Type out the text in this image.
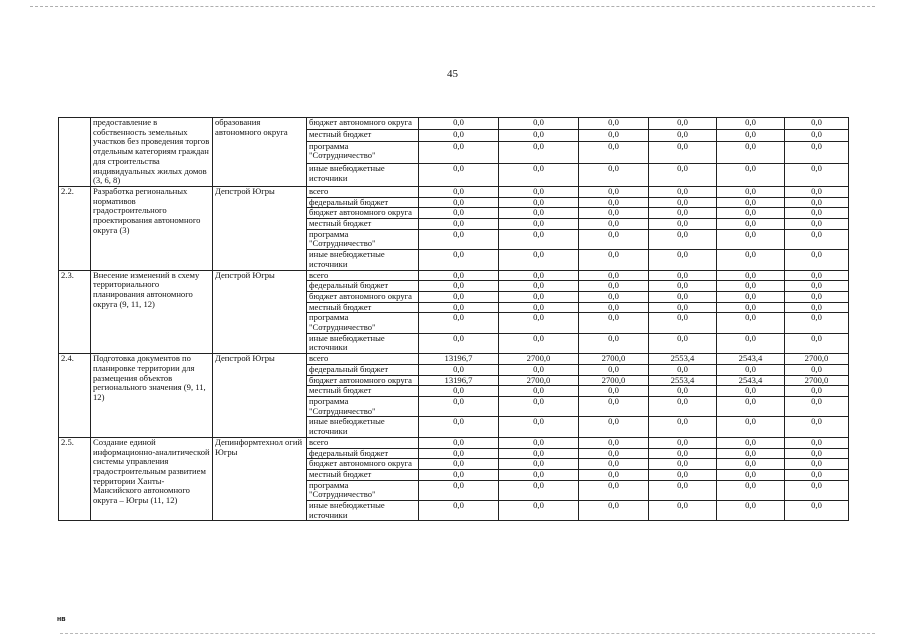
45
	предоставление в собственность земельных участков без проведения торгов отдельным категориям граждан для строительства индивидуальных жилых домов (3, 6, 8)	образования автономного округа	бюджет автономного округа	0,0	0,0	0,0	0,0	0,0	0,0
			местный бюджет	0,0	0,0	0,0	0,0	0,0	0,0
			программа "Сотрудничество"	0,0	0,0	0,0	0,0	0,0	0,0
			иные внебюджетные источники	0,0	0,0	0,0	0,0	0,0	0,0
2.2.	Разработка региональных нормативов градостроительного проектирования автономного округа (3)	Депстрой Югры	всего	0,0	0,0	0,0	0,0	0,0	0,0
			федеральный бюджет	0,0	0,0	0,0	0,0	0,0	0,0
			бюджет автономного округа	0,0	0,0	0,0	0,0	0,0	0,0
			местный бюджет	0,0	0,0	0,0	0,0	0,0	0,0
			программа "Сотрудничество"	0,0	0,0	0,0	0,0	0,0	0,0
			иные внебюджетные источники	0,0	0,0	0,0	0,0	0,0	0,0
2.3.	Внесение изменений в схему территориального планирования автономного округа (9, 11, 12)	Депстрой Югры	всего	0,0	0,0	0,0	0,0	0,0	0,0
			федеральный бюджет	0,0	0,0	0,0	0,0	0,0	0,0
			бюджет автономного округа	0,0	0,0	0,0	0,0	0,0	0,0
			местный бюджет	0,0	0,0	0,0	0,0	0,0	0,0
			программа "Сотрудничество"	0,0	0,0	0,0	0,0	0,0	0,0
			иные внебюджетные источники	0,0	0,0	0,0	0,0	0,0	0,0
2.4.	Подготовка документов по планировке территории для размещения объектов регионального значения (9, 11, 12)	Депстрой Югры	всего	13196,7	2700,0	2700,0	2553,4	2543,4	2700,0
			федеральный бюджет	0,0	0,0	0,0	0,0	0,0	0,0
			бюджет автономного округа	13196,7	2700,0	2700,0	2553,4	2543,4	2700,0
			местный бюджет	0,0	0,0	0,0	0,0	0,0	0,0
			программа "Сотрудничество"	0,0	0,0	0,0	0,0	0,0	0,0
			иные внебюджетные источники	0,0	0,0	0,0	0,0	0,0	0,0
2.5.	Создание единой информационно-аналитической системы управления градостроительным развитием территории Ханты-Мансийского автономного округа – Югры (11, 12)	Депинформтехнол огий Югры	всего	0,0	0,0	0,0	0,0	0,0	0,0
			федеральный бюджет	0,0	0,0	0,0	0,0	0,0	0,0
			бюджет автономного округа	0,0	0,0	0,0	0,0	0,0	0,0
			местный бюджет	0,0	0,0	0,0	0,0	0,0	0,0
			программа "Сотрудничество"	0,0	0,0	0,0	0,0	0,0	0,0
			иные внебюджетные источники	0,0	0,0	0,0	0,0	0,0	0,0
нв
